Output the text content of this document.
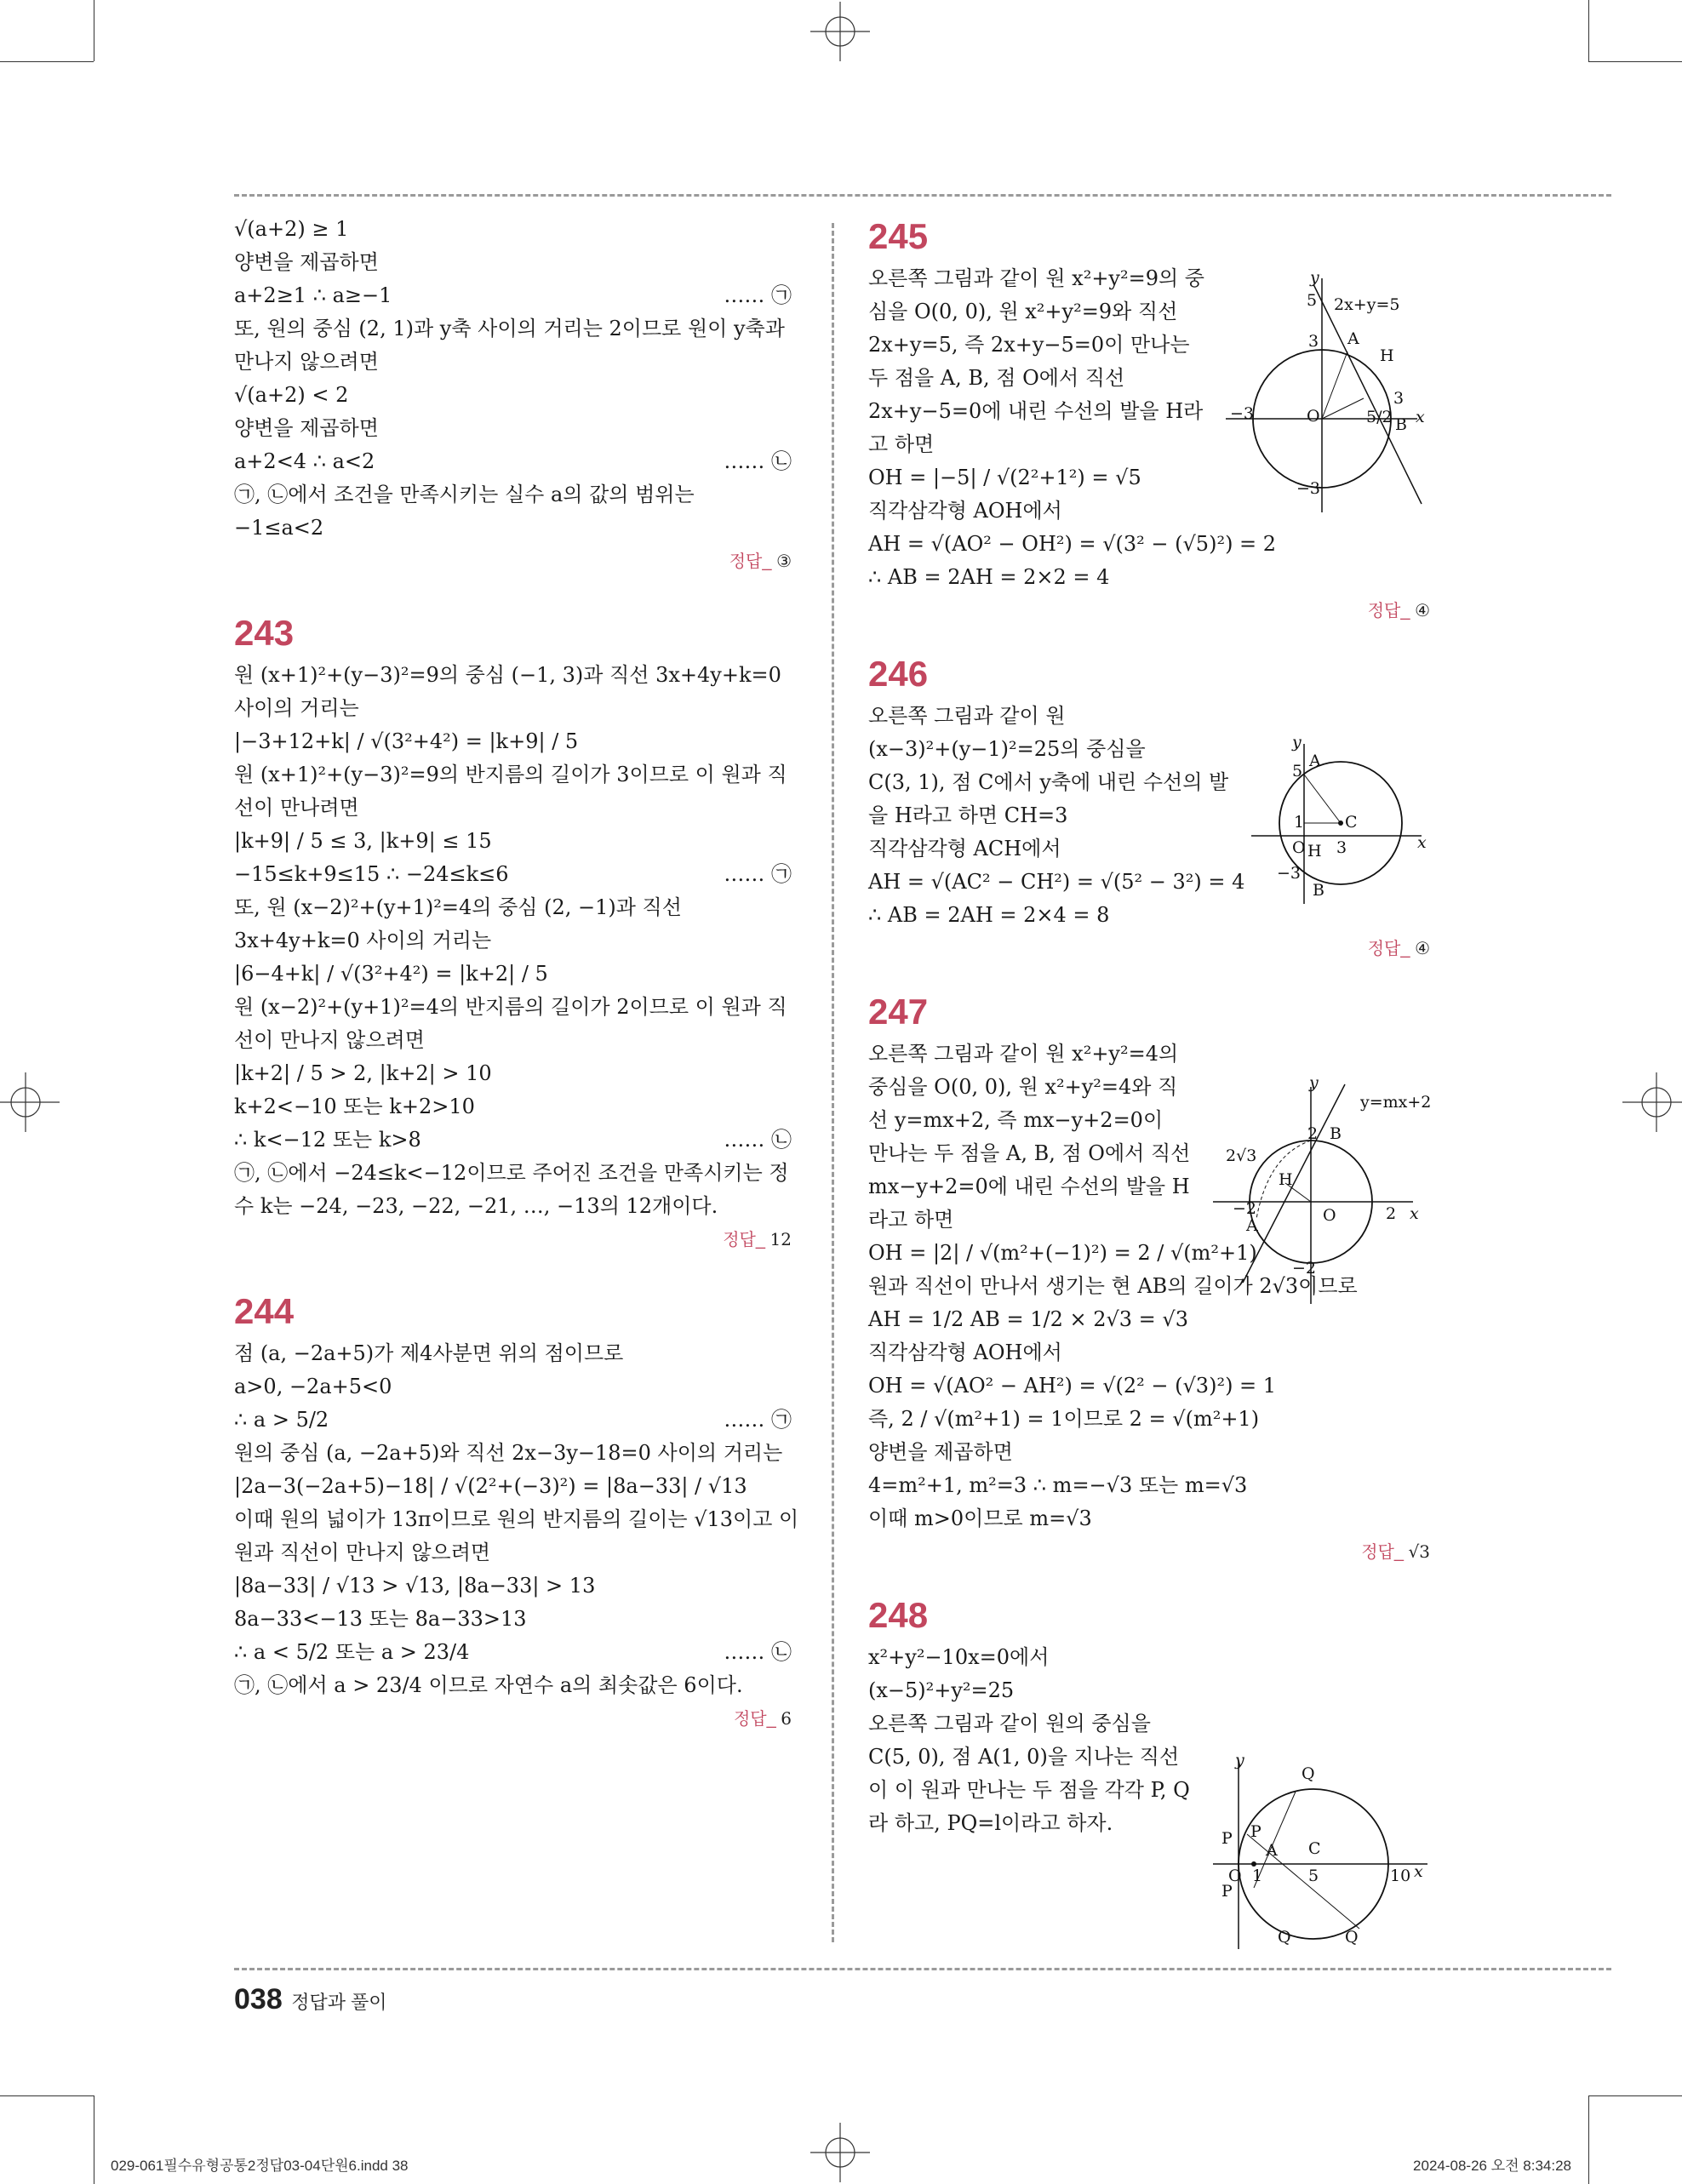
√(a+2) ≥ 1
양변을 제곱하면
a+2≥1 ∴ a≥−1	…… ㉠
또, 원의 중심 (2, 1)과 y축 사이의 거리는 2이므로 원이 y축과
만나지 않으려면
√(a+2) < 2
양변을 제곱하면
a+2<4 ∴ a<2	…… ㉡
㉠, ㉡에서 조건을 만족시키는 실수 a의 값의 범위는
−1≤a<2
정답_ ③
243
원 (x+1)²+(y−3)²=9의 중심 (−1, 3)과 직선 3x+4y+k=0
사이의 거리는
|−3+12+k| / √(3²+4²) = |k+9| / 5
원 (x+1)²+(y−3)²=9의 반지름의 길이가 3이므로 이 원과 직
선이 만나려면
|k+9| / 5 ≤ 3, |k+9| ≤ 15
−15≤k+9≤15 ∴ −24≤k≤6	…… ㉠
또, 원 (x−2)²+(y+1)²=4의 중심 (2, −1)과 직선
3x+4y+k=0 사이의 거리는
|6−4+k| / √(3²+4²) = |k+2| / 5
원 (x−2)²+(y+1)²=4의 반지름의 길이가 2이므로 이 원과 직
선이 만나지 않으려면
|k+2| / 5 > 2, |k+2| > 10
k+2<−10 또는 k+2>10
∴ k<−12 또는 k>8	…… ㉡
㉠, ㉡에서 −24≤k<−12이므로 주어진 조건을 만족시키는 정
수 k는 −24, −23, −22, −21, …, −13의 12개이다.
정답_ 12
244
점 (a, −2a+5)가 제4사분면 위의 점이므로
a>0, −2a+5<0
∴ a > 5/2	…… ㉠
원의 중심 (a, −2a+5)와 직선 2x−3y−18=0 사이의 거리는
|2a−3(−2a+5)−18| / √(2²+(−3)²) = |8a−33| / √13
이때 원의 넓이가 13π이므로 원의 반지름의 길이는 √13이고 이
원과 직선이 만나지 않으려면
|8a−33| / √13 > √13, |8a−33| > 13
8a−33<−13 또는 8a−33>13
∴ a < 5/2 또는 a > 23/4	…… ㉡
㉠, ㉡에서 a > 23/4 이므로 자연수 a의 최솟값은 6이다.
정답_ 6
245
오른쪽 그림과 같이 원 x²+y²=9의 중
심을 O(0, 0), 원 x²+y²=9와 직선
2x+y=5, 즉 2x+y−5=0이 만나는
두 점을 A, B, 점 O에서 직선
2x+y−5=0에 내린 수선의 발을 H라
고 하면
OH = |−5| / √(2²+1²) = √5
직각삼각형 AOH에서
AH = √(AO² − OH²) = √(3² − (√5)²) = 2
∴ AB = 2AH = 2×2 = 4
정답_ ④
246
오른쪽 그림과 같이 원
(x−3)²+(y−1)²=25의 중심을
C(3, 1), 점 C에서 y축에 내린 수선의 발
을 H라고 하면 CH=3
직각삼각형 ACH에서
AH = √(AC² − CH²) = √(5² − 3²) = 4
∴ AB = 2AH = 2×4 = 8
정답_ ④
247
오른쪽 그림과 같이 원 x²+y²=4의
중심을 O(0, 0), 원 x²+y²=4와 직
선 y=mx+2, 즉 mx−y+2=0이
만나는 두 점을 A, B, 점 O에서 직선
mx−y+2=0에 내린 수선의 발을 H
라고 하면
OH = |2| / √(m²+(−1)²) = 2 / √(m²+1)
원과 직선이 만나서 생기는 현 AB의 길이가 2√3이므로
AH = 1/2 AB = 1/2 × 2√3 = √3
직각삼각형 AOH에서
OH = √(AO² − AH²) = √(2² − (√3)²) = 1
즉, 2 / √(m²+1) = 1이므로 2 = √(m²+1)
양변을 제곱하면
4=m²+1, m²=3 ∴ m=−√3 또는 m=√3
이때 m>0이므로 m=√3
정답_ √3
248
x²+y²−10x=0에서
(x−5)²+y²=25
오른쪽 그림과 같이 원의 중심을
C(5, 0), 점 A(1, 0)을 지나는 직선
이 이 원과 만나는 두 점을 각각 P, Q
라 하고, PQ=l이라고 하자.
y
5 2x+y=5
3 A
H
−3	O
3
5/2 B x
−3
y
A
5
1	C
O H 3	x
−3
B
y
y=mx+2
2 B
2√3
H
−2
A
O	2 x
−2
y
Q
P P
A C
O 1	5	10 x
P
Q	Q
038 정답과 풀이
029-061필수유형공통2정답03-04단원6.indd 38	2024-08-26 오전 8:34:28
